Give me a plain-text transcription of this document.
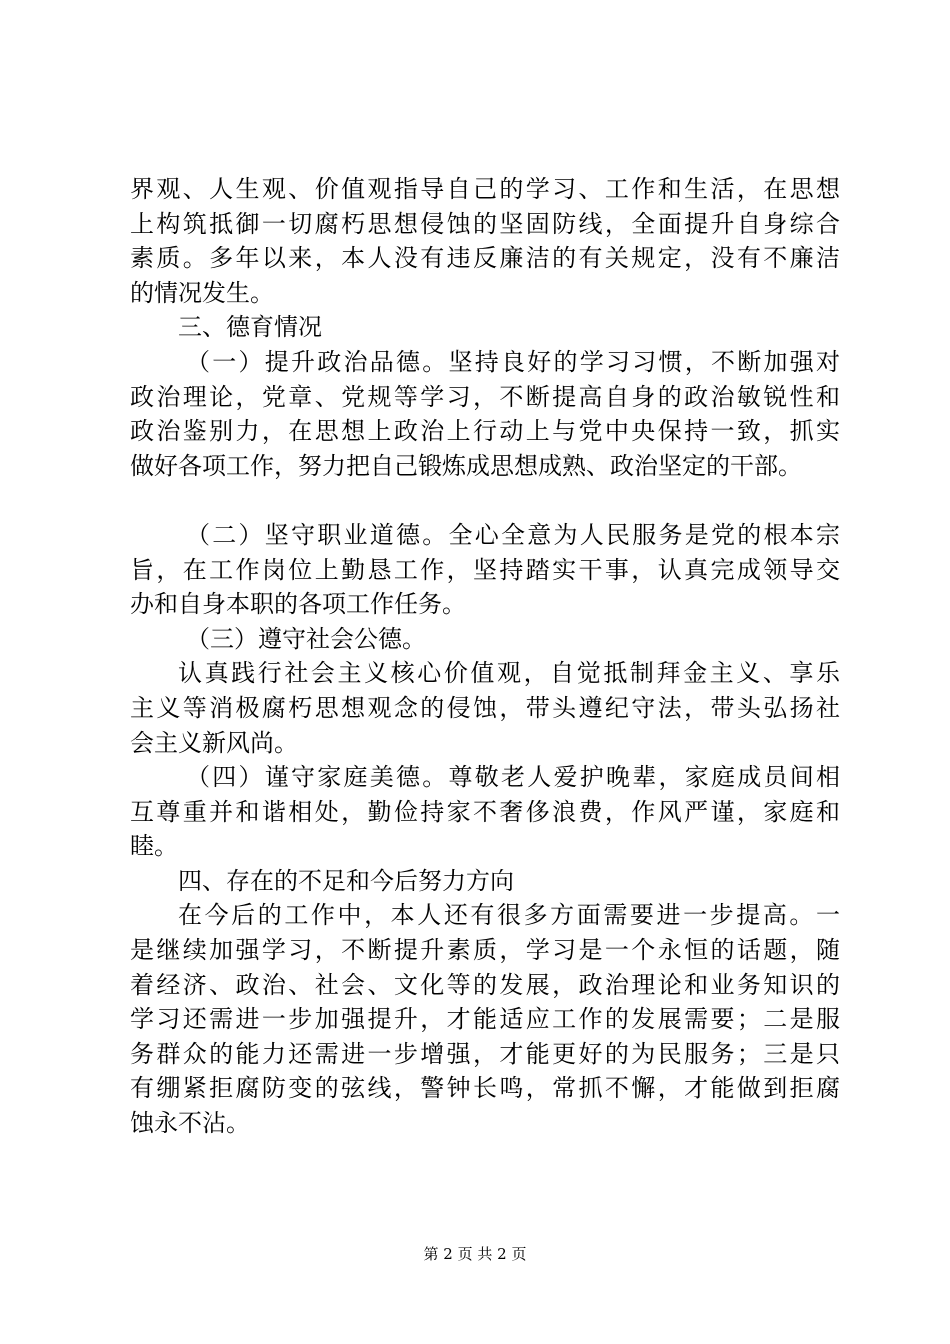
界观、人生观、价值观指导自己的学习、工作和生活，在思想
上构筑抵御一切腐朽思想侵蚀的坚固防线，全面提升自身综合
素质。多年以来，本人没有违反廉洁的有关规定，没有不廉洁
的情况发生。
三、德育情况
（一）提升政治品德。坚持良好的学习习惯，不断加强对
政治理论，党章、党规等学习，不断提高自身的政治敏锐性和
政治鉴别力，在思想上政治上行动上与党中央保持一致，抓实
做好各项工作，努力把自己锻炼成思想成熟、政治坚定的干部。
（二）坚守职业道德。全心全意为人民服务是党的根本宗
旨，在工作岗位上勤恳工作，坚持踏实干事，认真完成领导交
办和自身本职的各项工作任务。
（三）遵守社会公德。
认真践行社会主义核心价值观，自觉抵制拜金主义、享乐
主义等消极腐朽思想观念的侵蚀，带头遵纪守法，带头弘扬社
会主义新风尚。
（四）谨守家庭美德。尊敬老人爱护晚辈，家庭成员间相
互尊重并和谐相处，勤俭持家不奢侈浪费，作风严谨，家庭和
睦。
四、存在的不足和今后努力方向
在今后的工作中，本人还有很多方面需要进一步提高。一
是继续加强学习，不断提升素质，学习是一个永恒的话题，随
着经济、政治、社会、文化等的发展，政治理论和业务知识的
学习还需进一步加强提升，才能适应工作的发展需要；二是服
务群众的能力还需进一步增强，才能更好的为民服务；三是只
有绷紧拒腐防变的弦线，警钟长鸣，常抓不懈，才能做到拒腐
蚀永不沾。
第 2 页 共 2 页
